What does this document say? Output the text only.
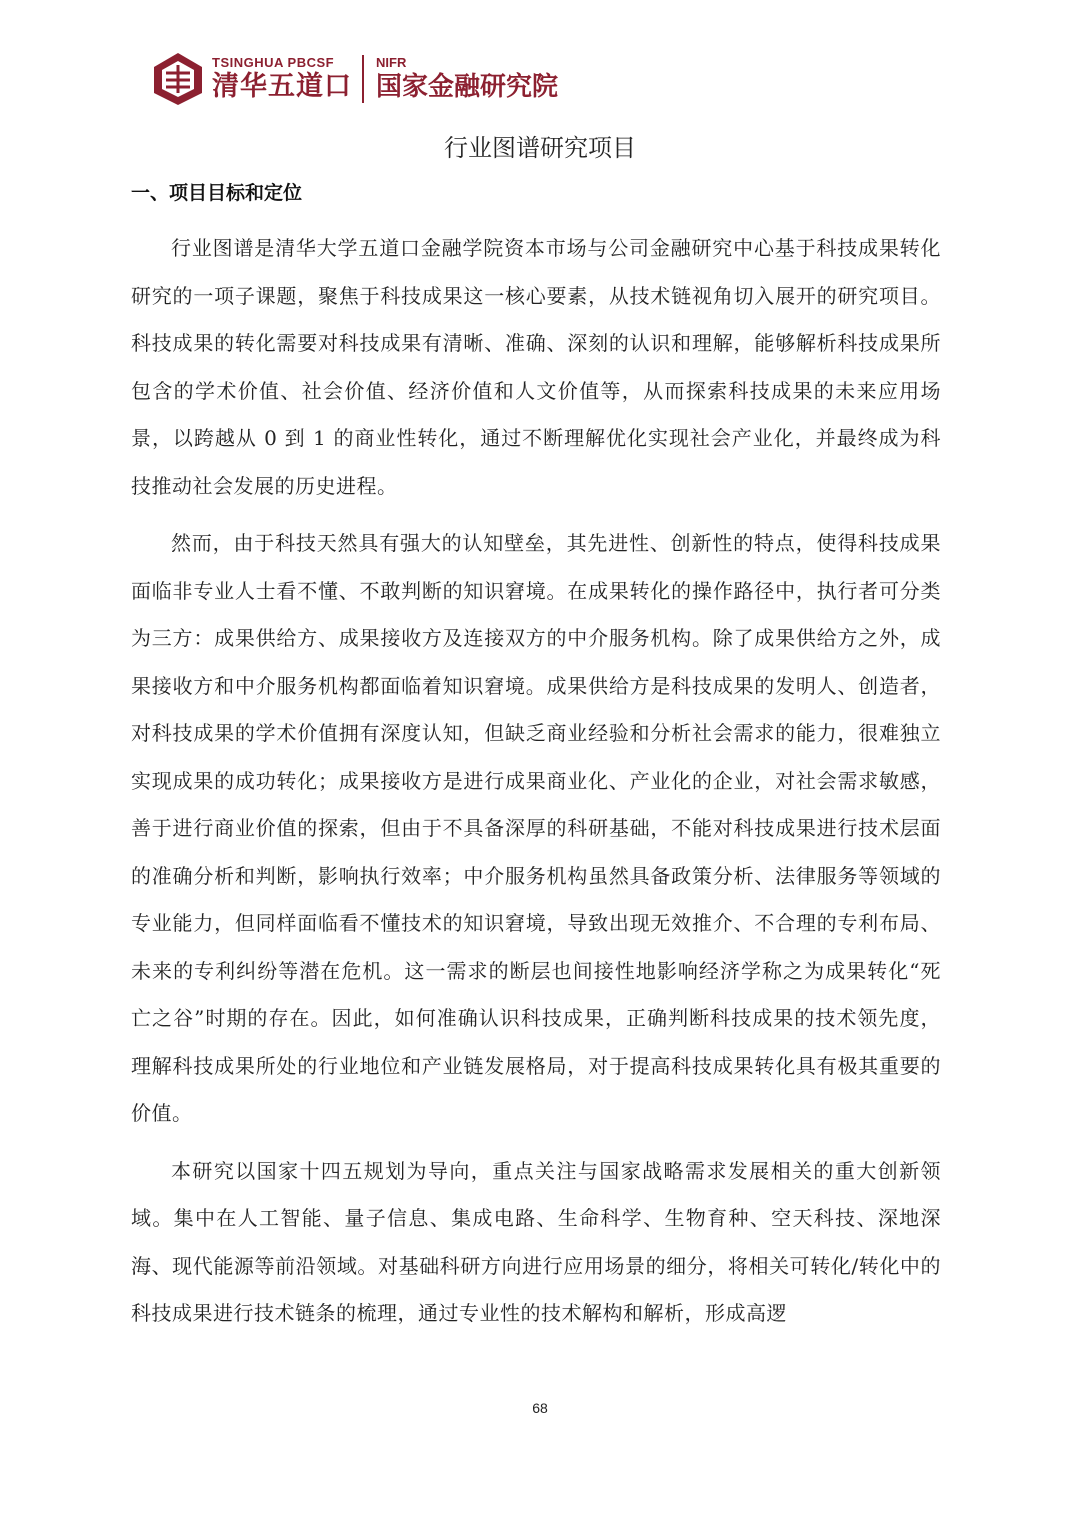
TSINGHUA PBCSF
清华五道口
NIFR
国家金融研究院
行业图谱研究项目
一、项目目标和定位

行业图谱是清华大学五道口金融学院资本市场与公司金融研究中心基于科技成果转化研究的一项子课题，聚焦于科技成果这一核心要素，从技术链视角切入展开的研究项目。科技成果的转化需要对科技成果有清晰、准确、深刻的认识和理解，能够解析科技成果所包含的学术价值、社会价值、经济价值和人文价值等，从而探索科技成果的未来应用场景，以跨越从 0 到 1 的商业性转化，通过不断理解优化实现社会产业化，并最终成为科技推动社会发展的历史进程。

然而，由于科技天然具有强大的认知壁垒，其先进性、创新性的特点，使得科技成果面临非专业人士看不懂、不敢判断的知识窘境。在成果转化的操作路径中，执行者可分类为三方：成果供给方、成果接收方及连接双方的中介服务机构。除了成果供给方之外，成果接收方和中介服务机构都面临着知识窘境。成果供给方是科技成果的发明人、创造者，对科技成果的学术价值拥有深度认知，但缺乏商业经验和分析社会需求的能力，很难独立实现成果的成功转化；成果接收方是进行成果商业化、产业化的企业，对社会需求敏感，善于进行商业价值的探索，但由于不具备深厚的科研基础，不能对科技成果进行技术层面的准确分析和判断，影响执行效率；中介服务机构虽然具备政策分析、法律服务等领域的专业能力，但同样面临看不懂技术的知识窘境，导致出现无效推介、不合理的专利布局、未来的专利纠纷等潜在危机。这一需求的断层也间接性地影响经济学称之为成果转化“死亡之谷”时期的存在。因此，如何准确认识科技成果，正确判断科技成果的技术领先度，理解科技成果所处的行业地位和产业链发展格局，对于提高科技成果转化具有极其重要的价值。

本研究以国家十四五规划为导向，重点关注与国家战略需求发展相关的重大创新领域。集中在人工智能、量子信息、集成电路、生命科学、生物育种、空天科技、深地深海、现代能源等前沿领域。对基础科研方向进行应用场景的细分，将相关可转化/转化中的科技成果进行技术链条的梳理，通过专业性的技术解构和解析，形成高逻

68
